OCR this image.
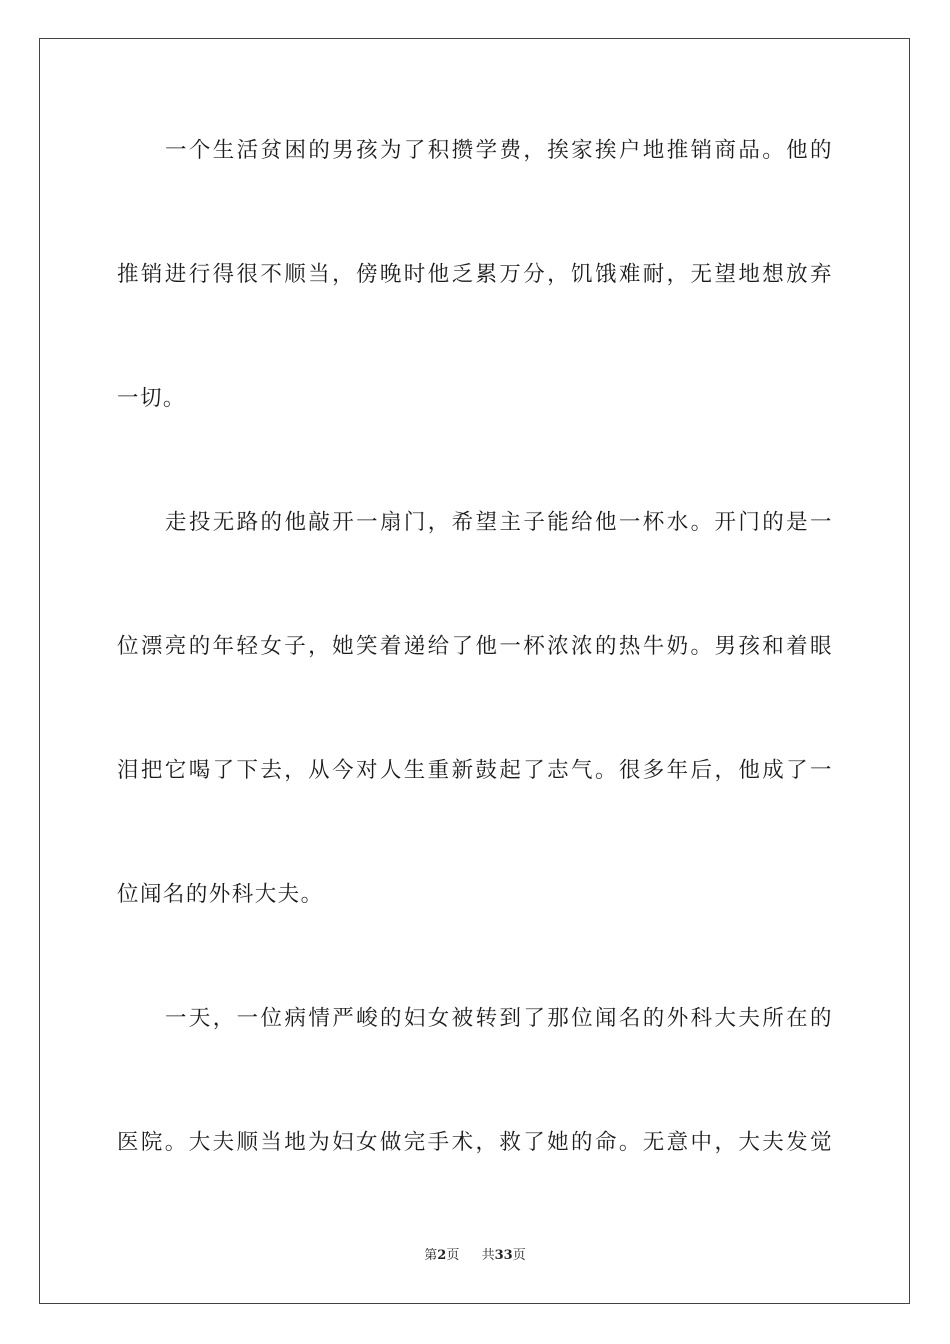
一个生活贫困的男孩为了积攒学费，挨家挨户地推销商品。他的
推销进行得很不顺当，傍晚时他乏累万分，饥饿难耐，无望地想放弃
一切。
走投无路的他敲开一扇门，希望主子能给他一杯水。开门的是一
位漂亮的年轻女子，她笑着递给了他一杯浓浓的热牛奶。男孩和着眼
泪把它喝了下去，从今对人生重新鼓起了志气。很多年后，他成了一
位闻名的外科大夫。
一天，一位病情严峻的妇女被转到了那位闻名的外科大夫所在的
医院。大夫顺当地为妇女做完手术，救了她的命。无意中，大夫发觉
第2页 共33页
